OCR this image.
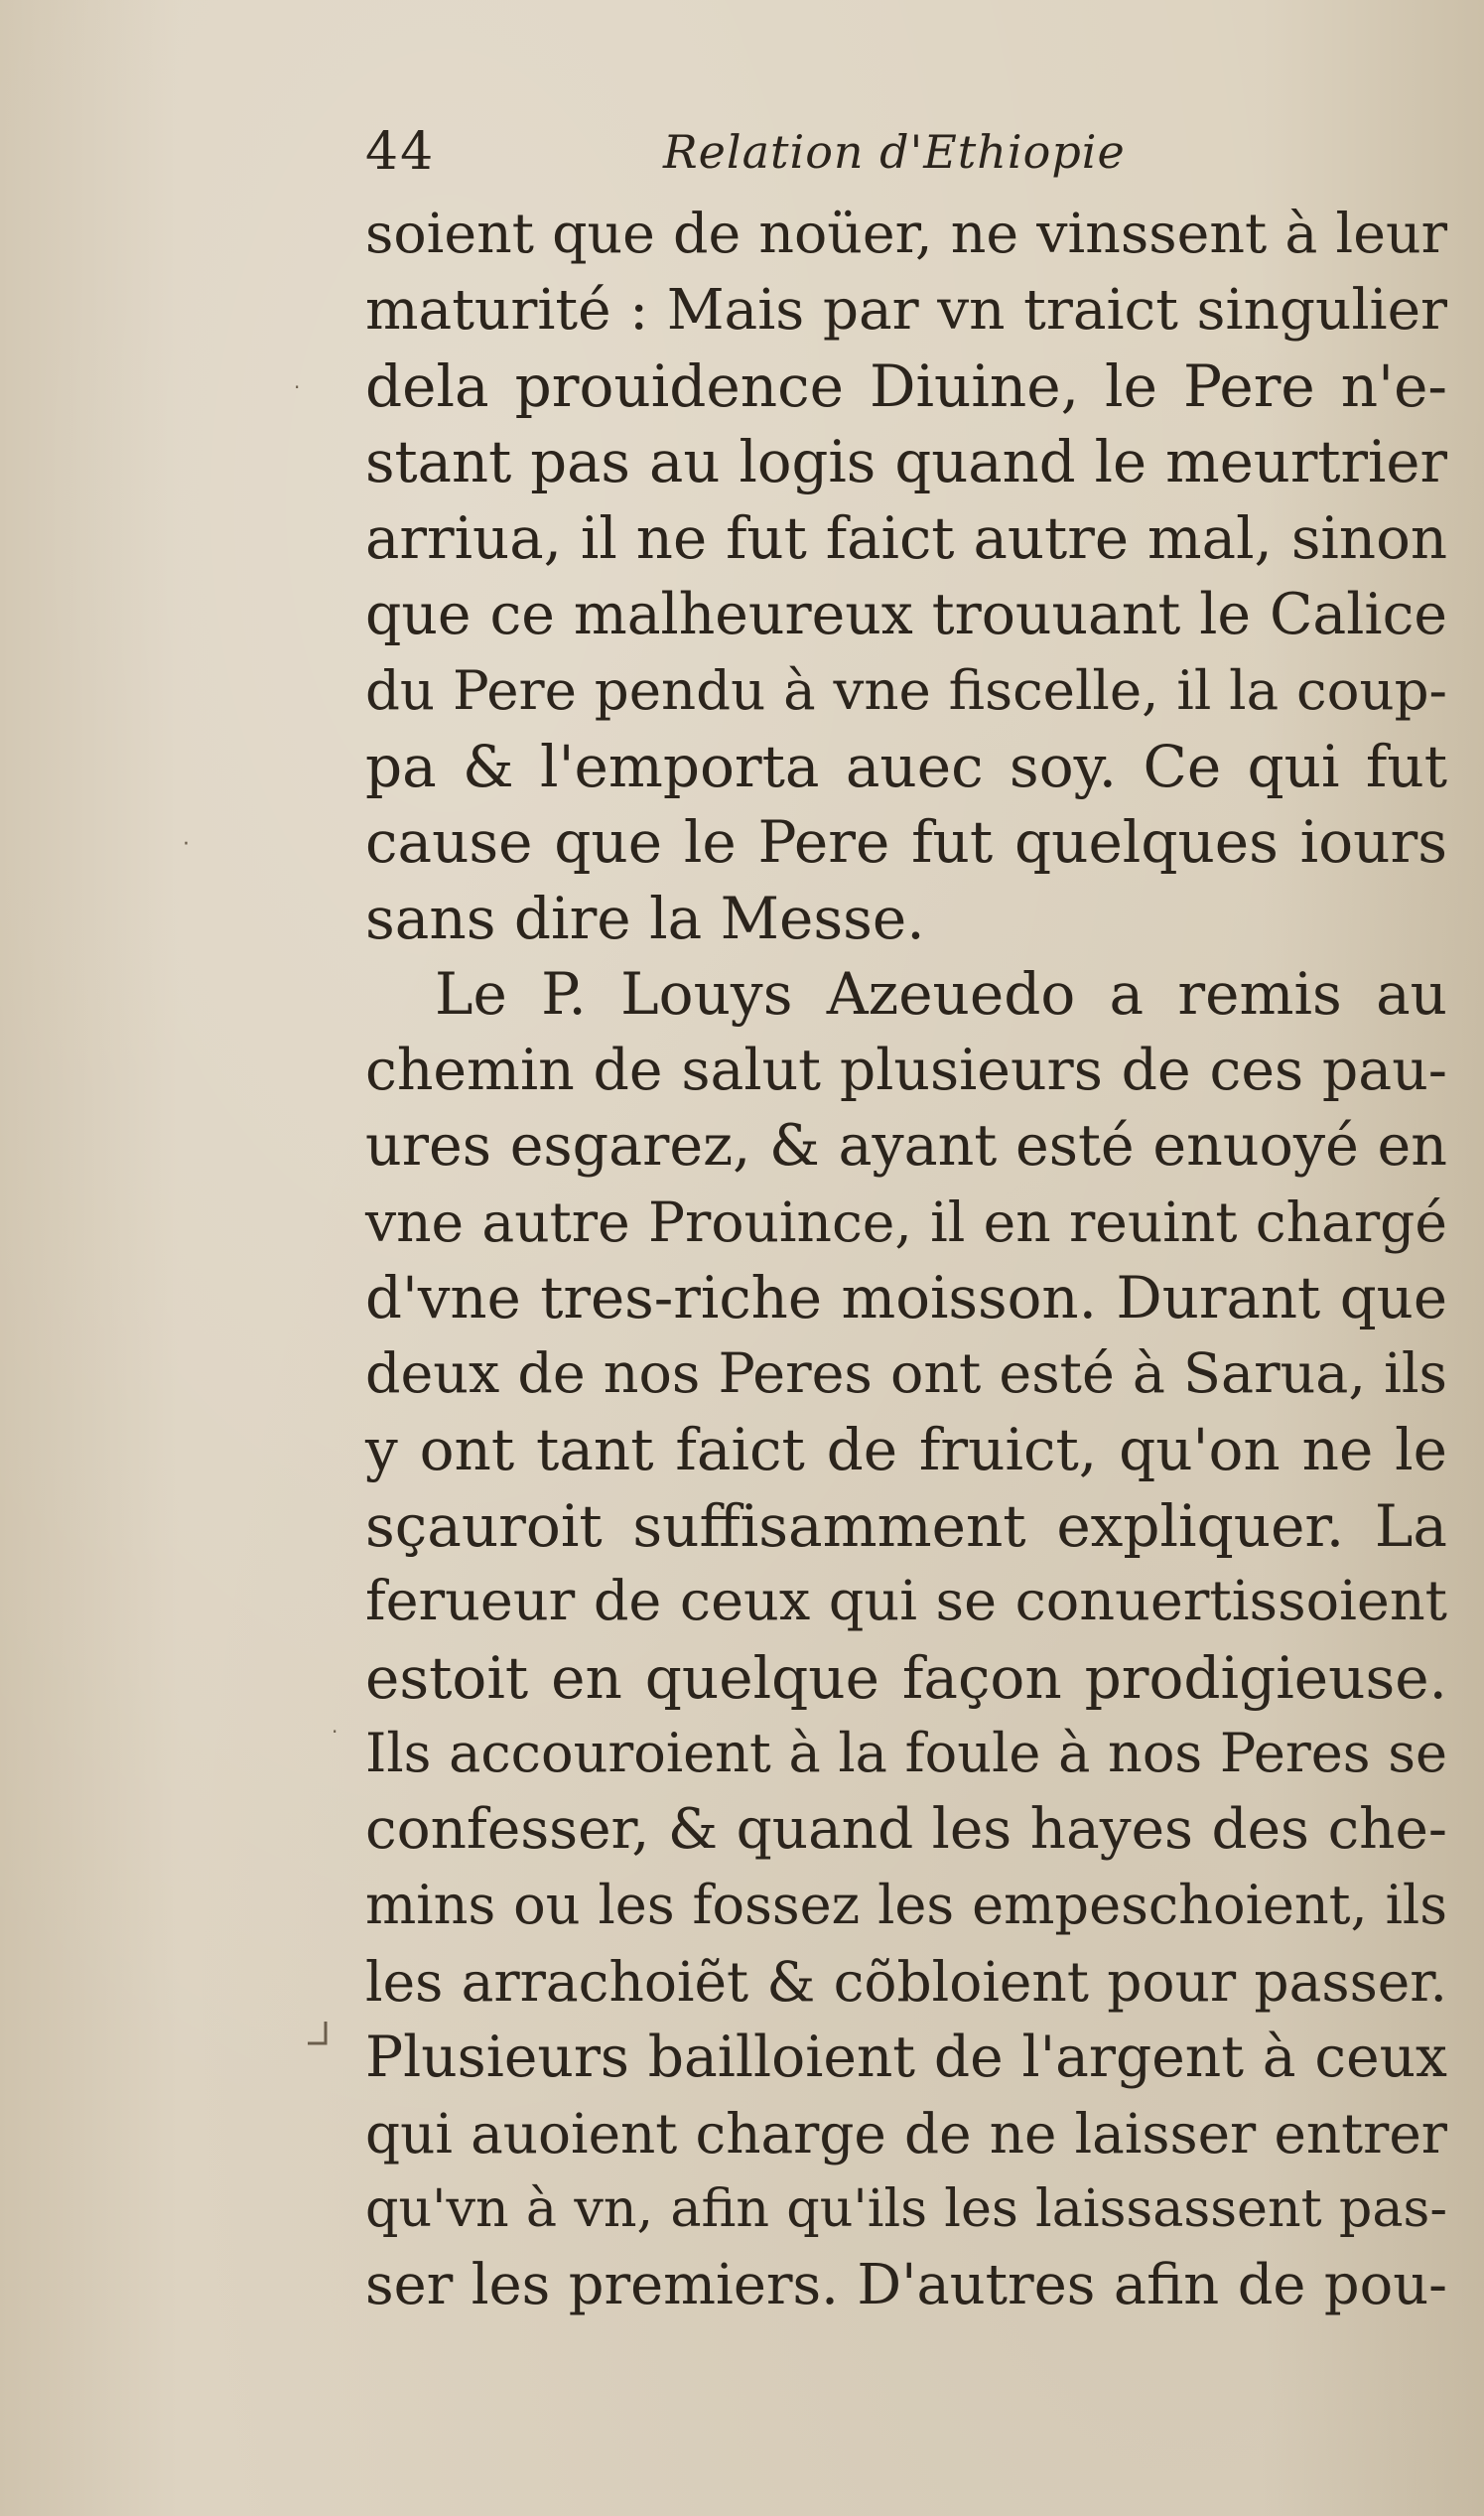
44	Relation d'Ethiopie
soient que de noüer, ne vinssent à leur
maturité : Mais par vn traict singulier
dela prouidence Diuine, le Pere n'e-
stant pas au logis quand le meurtrier
arriua, il ne fut faict autre mal, sinon
que ce malheureux trouuant le Calice
du Pere pendu à vne fiscelle, il la coup-
pa & l'emporta auec soy. Ce qui fut
cause que le Pere fut quelques iours
sans dire la Messe.
Le P. Louys Azeuedo a remis au
chemin de salut plusieurs de ces pau-
ures esgarez, & ayant esté enuoyé en
vne autre Prouince, il en reuint chargé
d'vne tres-riche moisson. Durant que
deux de nos Peres ont esté à Sarua, ils
y ont tant faict de fruict, qu'on ne le
sçauroit suffisamment expliquer. La
ferueur de ceux qui se conuertissoient
estoit en quelque façon prodigieuse.
Ils accouroient à la foule à nos Peres se
confesser, & quand les hayes des che-
mins ou les fossez les empeschoient, ils
les arrachoiẽt & cõbloient pour passer.
Plusieurs bailloient de l'argent à ceux
qui auoient charge de ne laisser entrer
qu'vn à vn, afin qu'ils les laissassent pas-
ser les premiers. D'autres afin de pou-
·
·
·
